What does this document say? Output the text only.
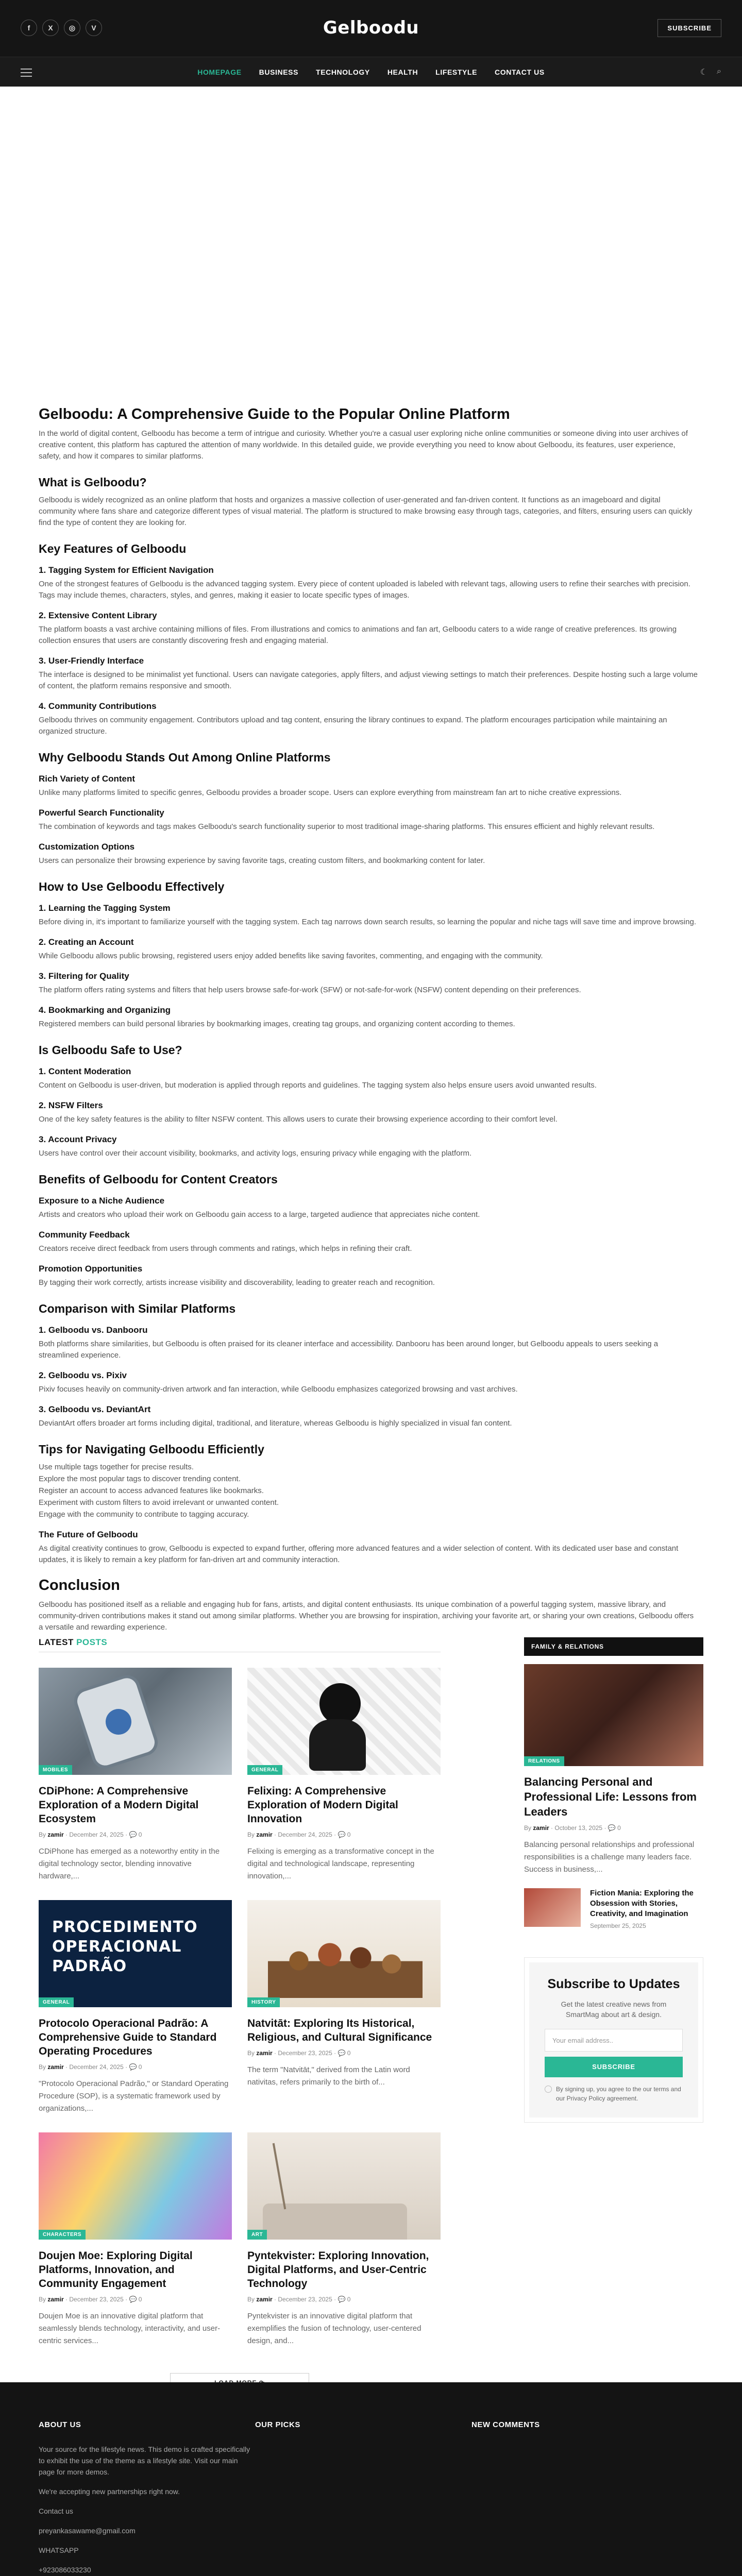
f	X	◎	V	Gelboodu	SUBSCRIBE
HOMEPAGE BUSINESS TECHNOLOGY HEALTH LIFESTYLE CONTACT US	☾ ⌕
Gelboodu: A Comprehensive Guide to the Popular Online Platform

In the world of digital content, Gelboodu has become a term of intrigue and curiosity. Whether you're a casual user exploring niche online communities or someone diving into user archives of creative content, this platform has captured the attention of many worldwide. In this detailed guide, we provide everything you need to know about Gelboodu, its features, user experience, safety, and how it compares to similar platforms.

What is Gelboodu?

Gelboodu is widely recognized as an online platform that hosts and organizes a massive collection of user-generated and fan-driven content. It functions as an imageboard and digital community where fans share and categorize different types of visual material. The platform is structured to make browsing easy through tags, categories, and filters, ensuring users can quickly find the type of content they are looking for.

Key Features of Gelboodu
1. Tagging System for Efficient Navigation

One of the strongest features of Gelboodu is the advanced tagging system. Every piece of content uploaded is labeled with relevant tags, allowing users to refine their searches with precision. Tags may include themes, characters, styles, and genres, making it easier to locate specific types of images.

2. Extensive Content Library

The platform boasts a vast archive containing millions of files. From illustrations and comics to animations and fan art, Gelboodu caters to a wide range of creative preferences. Its growing collection ensures that users are constantly discovering fresh and engaging material.

3. User-Friendly Interface

The interface is designed to be minimalist yet functional. Users can navigate categories, apply filters, and adjust viewing settings to match their preferences. Despite hosting such a large volume of content, the platform remains responsive and smooth.

4. Community Contributions

Gelboodu thrives on community engagement. Contributors upload and tag content, ensuring the library continues to expand. The platform encourages participation while maintaining an organized structure.

Why Gelboodu Stands Out Among Online Platforms
Rich Variety of Content

Unlike many platforms limited to specific genres, Gelboodu provides a broader scope. Users can explore everything from mainstream fan art to niche creative expressions.

Powerful Search Functionality

The combination of keywords and tags makes Gelboodu's search functionality superior to most traditional image-sharing platforms. This ensures efficient and highly relevant results.

Customization Options

Users can personalize their browsing experience by saving favorite tags, creating custom filters, and bookmarking content for later.

How to Use Gelboodu Effectively
1. Learning the Tagging System

Before diving in, it's important to familiarize yourself with the tagging system. Each tag narrows down search results, so learning the popular and niche tags will save time and improve browsing.

2. Creating an Account

While Gelboodu allows public browsing, registered users enjoy added benefits like saving favorites, commenting, and engaging with the community.

3. Filtering for Quality

The platform offers rating systems and filters that help users browse safe-for-work (SFW) or not-safe-for-work (NSFW) content depending on their preferences.

4. Bookmarking and Organizing

Registered members can build personal libraries by bookmarking images, creating tag groups, and organizing content according to themes.

Is Gelboodu Safe to Use?
1. Content Moderation

Content on Gelboodu is user-driven, but moderation is applied through reports and guidelines. The tagging system also helps ensure users avoid unwanted results.

2. NSFW Filters

One of the key safety features is the ability to filter NSFW content. This allows users to curate their browsing experience according to their comfort level.

3. Account Privacy

Users have control over their account visibility, bookmarks, and activity logs, ensuring privacy while engaging with the platform.

Benefits of Gelboodu for Content Creators
Exposure to a Niche Audience

Artists and creators who upload their work on Gelboodu gain access to a large, targeted audience that appreciates niche content.

Community Feedback

Creators receive direct feedback from users through comments and ratings, which helps in refining their craft.

Promotion Opportunities

By tagging their work correctly, artists increase visibility and discoverability, leading to greater reach and recognition.

Comparison with Similar Platforms
1. Gelboodu vs. Danbooru

Both platforms share similarities, but Gelboodu is often praised for its cleaner interface and accessibility. Danbooru has been around longer, but Gelboodu appeals to users seeking a streamlined experience.

2. Gelboodu vs. Pixiv

Pixiv focuses heavily on community-driven artwork and fan interaction, while Gelboodu emphasizes categorized browsing and vast archives.

3. Gelboodu vs. DeviantArt

DeviantArt offers broader art forms including digital, traditional, and literature, whereas Gelboodu is highly specialized in visual fan content.

Tips for Navigating Gelboodu Efficiently

Use multiple tags together for precise results.

Explore the most popular tags to discover trending content.

Register an account to access advanced features like bookmarks.

Experiment with custom filters to avoid irrelevant or unwanted content.

Engage with the community to contribute to tagging accuracy.

The Future of Gelboodu

As digital creativity continues to grow, Gelboodu is expected to expand further, offering more advanced features and a wider selection of content. With its dedicated user base and constant updates, it is likely to remain a key platform for fan-driven art and community interaction.

Conclusion

Gelboodu has positioned itself as a reliable and engaging hub for fans, artists, and digital content enthusiasts. Its unique combination of a powerful tagging system, massive library, and community-driven contributions makes it stand out among similar platforms. Whether you are browsing for inspiration, archiving your favorite art, or sharing your own creations, Gelboodu offers a versatile and rewarding experience.

LATEST POSTS
MOBILES
CDiPhone: A Comprehensive Exploration of a Modern Digital Ecosystem
By zamir · December 24, 2025 · 💬 0

CDiPhone has emerged as a noteworthy entity in the digital technology sector, blending innovative hardware,...

GENERAL
Felixing: A Comprehensive Exploration of Modern Digital Innovation
By zamir · December 24, 2025 · 💬 0

Felixing is emerging as a transformative concept in the digital and technological landscape, representing innovation,...

PROCEDIMENTO OPERACIONAL PADRÃO
GENERAL
Protocolo Operacional Padrão: A Comprehensive Guide to Standard Operating Procedures
By zamir · December 24, 2025 · 💬 0

"Protocolo Operacional Padrão," or Standard Operating Procedure (SOP), is a systematic framework used by organizations,...

HISTORY
Natvitāt: Exploring Its Historical, Religious, and Cultural Significance
By zamir · December 23, 2025 · 💬 0

The term "Natvitāt," derived from the Latin word nativitas, refers primarily to the birth of...

CHARACTERS
Doujen Moe: Exploring Digital Platforms, Innovation, and Community Engagement
By zamir · December 23, 2025 · 💬 0

Doujen Moe is an innovative digital platform that seamlessly blends technology, interactivity, and user-centric services...

ART
Pyntekvister: Exploring Innovation, Digital Platforms, and User-Centric Technology
By zamir · December 23, 2025 · 💬 0

Pyntekvister is an innovative digital platform that exemplifies the fusion of technology, user-centered design, and...

FAMILY & RELATIONS
RELATIONS
Balancing Personal and Professional Life: Lessons from Leaders
By zamir · October 13, 2025 · 💬 0

Balancing personal relationships and professional responsibilities is a challenge many leaders face. Success in business,...

Fiction Mania: Exploring the Obsession with Stories, Creativity, and Imagination
September 25, 2025
Subscribe to Updates

Get the latest creative news from SmartMag about art & design.

Your email address..
SUBSCRIBE
By signing up, you agree to the our terms and our Privacy Policy agreement.
ABOUT US

Your source for the lifestyle news. This demo is crafted specifically to exhibit the use of the theme as a lifestyle site. Visit our main page for more demos.

We're accepting new partnerships right now.

Contact us

preyankasawame@gmail.com

WHATSAPP

+923086033230

OUR PICKS	NEW COMMENTS
